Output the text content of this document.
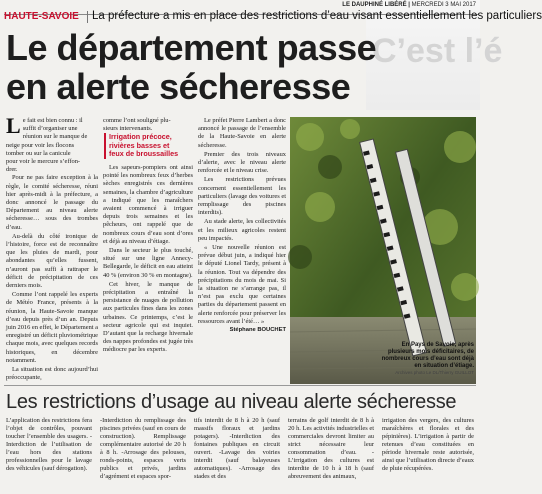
C’est l’é
LE DAUPHINÉ LIBÉRÉ | MERCREDI 3 MAI 2017
HAUTE-SAVOIE La préfecture a mis en place des restrictions d’eau visant essentiellement les particuliers
Le département passe
en alerte sécheresse
L e fait est bien connu : il
suffit d’organiser une
réunion sur le manque de
neige pour voir les flocons
tomber ou sur la canicule
pour voir le mercure s’effon-
drer.

Pour ne pas faire exception à la règle, le comité sécheresse, réuni hier après-midi à la préfecture, a donc annoncé le passage du Département au niveau alerte sécheresse… sous des trombes d’eau.

Au-delà du côté ironique de l’histoire, force est de reconnaître que les pluies de mardi, pour abondantes qu’elles fussent, n’auront pas suffi à rattraper le déficit de précipitation de ces derniers mois.

Comme l’ont rappelé les experts de Météo France, présents à la réunion, la Haute-Savoie manque d’eau depuis près d’un an. Depuis juin 2016 en effet, le Département a enregistré un déficit pluviométrique chaque mois, avec quelques records historiques, en décembre notamment.

La situation est donc aujourd’hui préoccupante,

comme l’ont souligné plu-
sieurs intervenants.
Irrigation précoce,
rivières basses et
feux de broussailles

Les sapeurs-pompiers ont ainsi pointé les nombreux feux d’herbes sèches enregistrés ces dernières semaines, la chambre d’agriculture a indiqué que les maraîchers avaient commencé à irriguer depuis trois semaines et les pêcheurs, ont rappelé que de nombreux cours d’eau sont d’ores et déjà au niveau d’étiage.

Dans le secteur le plus touché, situé sur une ligne Annecy-Bellegarde, le déficit en eau atteint 40 % (environ 30 % en montagne).

Cet hiver, le manque de précipitation a entraîné la persistance de nuages de pollution aux particules fines dans les zones urbaines. Ce printemps, c’est le secteur agricole qui est inquiet. D’autant que la recharge hivernale des nappes profondes est jugée très médiocre par les experts.

Le préfet Pierre Lambert a donc annoncé le passage de l’ensemble de la Haute-Savoie en alerte sécheresse.

Premier des trois niveaux d’alerte, avec le niveau alerte renforcée et le niveau crise.

Les restrictions prévues concernent essentiellement les particuliers (lavage des voitures et remplissage des piscines interdits).

Au stade alerte, les collectivités et les milieux agricoles restent peu impactés.

« Une nouvelle réunion est prévue début juin, a indiqué hier le député Lionel Tardy, présent à la réunion. Tout va dépendre des précipitations du mois de mai. Si la situation ne s’arrange pas, il n’est pas exclu que certaines parties du département passent en alerte renforcée pour préserver les ressources avant l’été… »

Stéphane BOUCHET
En Pays de Savoie, après
plusieurs mois déficitaires, de
nombreux cours d’eau sont déjà
en situation d’étiage.
Archives photo Le DL/Thierry GUILLOT
Les restrictions d’usage au niveau alerte sécheresse

L’application des restrictions fera l’objet de contrôles, pouvant toucher l’ensemble des usagers. -Interdiction de l’utilisation de l’eau hors des stations professionnelles pour le lavage des véhicules (sauf dérogation).

-Interdiction du remplissage des piscines privées (sauf en cours de construction). Remplissage complémentaire autorisé de 20 h à 8 h. -Arrosage des pelouses, ronds-points, espaces verts publics et privés, jardins d’agrément et espaces spor-

tifs interdit de 8 h à 20 h (sauf massifs floraux et jardins potagers). -Interdiction des fontaines publiques en circuit ouvert. -Lavage des voiries interdit (sauf balayeuses automatiques). -Arrosage des stades et des

terrains de golf interdit de 8 h à 20 h. Les activités industrielles et commerciales devront limiter au strict nécessaire leur consommation d’eau. -L’irrigation des cultures est interdite de 10 h à 18 h (sauf abreuvement des animaux,

irrigation des vergers, des cultures maraîchères et florales et des pépinières). L’irrigation à partir de retenues d’eau constituées en période hivernale reste autorisée, ainsi que l’utilisation directe d’eaux de pluie récupérées.
